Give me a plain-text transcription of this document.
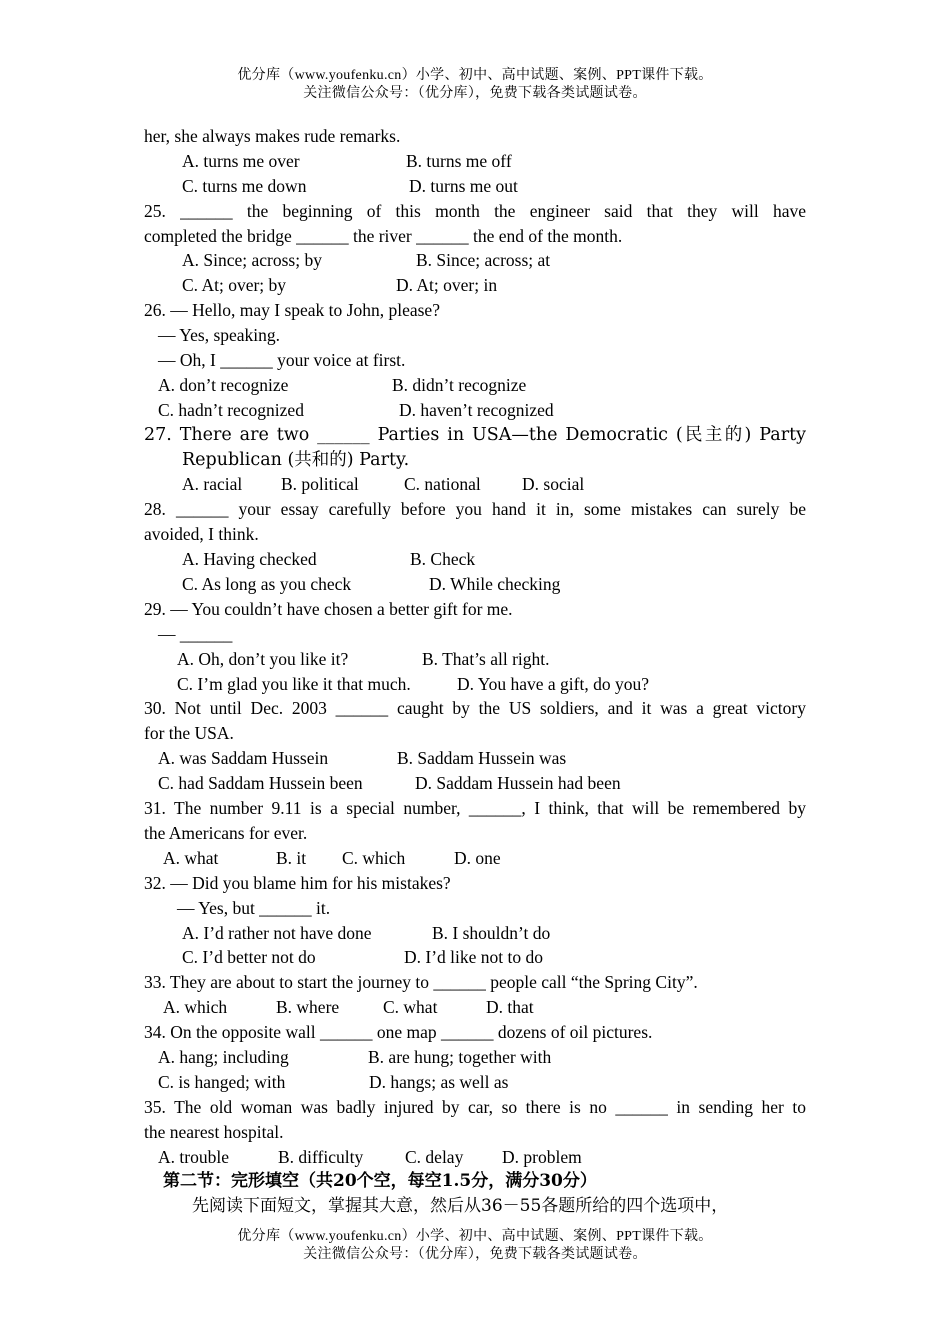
优分库（www.youfenku.cn）小学、初中、高中试题、案例、PPT课件下载。
关注微信公众号：（优分库），免费下载各类试题试卷。
her, she always makes rude remarks.
A. turns me over	B. turns me off
C. turns me down	D. turns me out
25. ______ the beginning of this month the engineer said that they will have
completed the bridge ______ the river ______ the end of the month.
A. Since; across; by	B. Since; across; at
C. At; over; by	D. At; over; in
26. — Hello, may I speak to John, please?
— Yes, speaking.
— Oh, I ______ your voice at first.
A. don’t recognize	B. didn’t recognize
C. hadn’t recognized	D. haven’t recognized
27. There are two ______ Parties in USA—the Democratic (民主的) Party
Republican (共和的) Party.
A. racial B. political	C. national D. social
28. ______ your essay carefully before you hand it in, some mistakes can surely be
avoided, I think.
A. Having checked	B. Check
C. As long as you check	D. While checking
29. — You couldn’t have chosen a better gift for me.
— ______
A. Oh, don’t you like it?	B. That’s all right.
C. I’m glad you like it that much.	D. You have a gift, do you?
30. Not until Dec. 2003 ______ caught by the US soldiers, and it was a great victory
for the USA.
A. was Saddam Hussein	B. Saddam Hussein was
C. had Saddam Hussein been	D. Saddam Hussein had been
31. The number 9.11 is a special number, ______, I think, that will be remembered by
the Americans for ever.
A. what	B. it C. which	D. one
32. — Did you blame him for his mistakes?
— Yes, but ______ it.
A. I’d rather not have done	B. I shouldn’t do
C. I’d better not do	D. I’d like not to do
33. They are about to start the journey to ______ people call “the Spring City”.
A. which	B. where	C. what	D. that
34. On the opposite wall ______ one map ______ dozens of oil pictures.
A. hang; including	B. are hung; together with
C. is hanged; with	D. hangs; as well as
35. The old woman was badly injured by car, so there is no ______ in sending her to
the nearest hospital.
A. trouble	B. difficulty C. delay D. problem
第二节：完形填空（共20个空，每空1.5分，满分30分）
先阅读下面短文，掌握其大意，然后从36－55各题所给的四个选项中，
优分库（www.youfenku.cn）小学、初中、高中试题、案例、PPT课件下载。
关注微信公众号：（优分库），免费下载各类试题试卷。
